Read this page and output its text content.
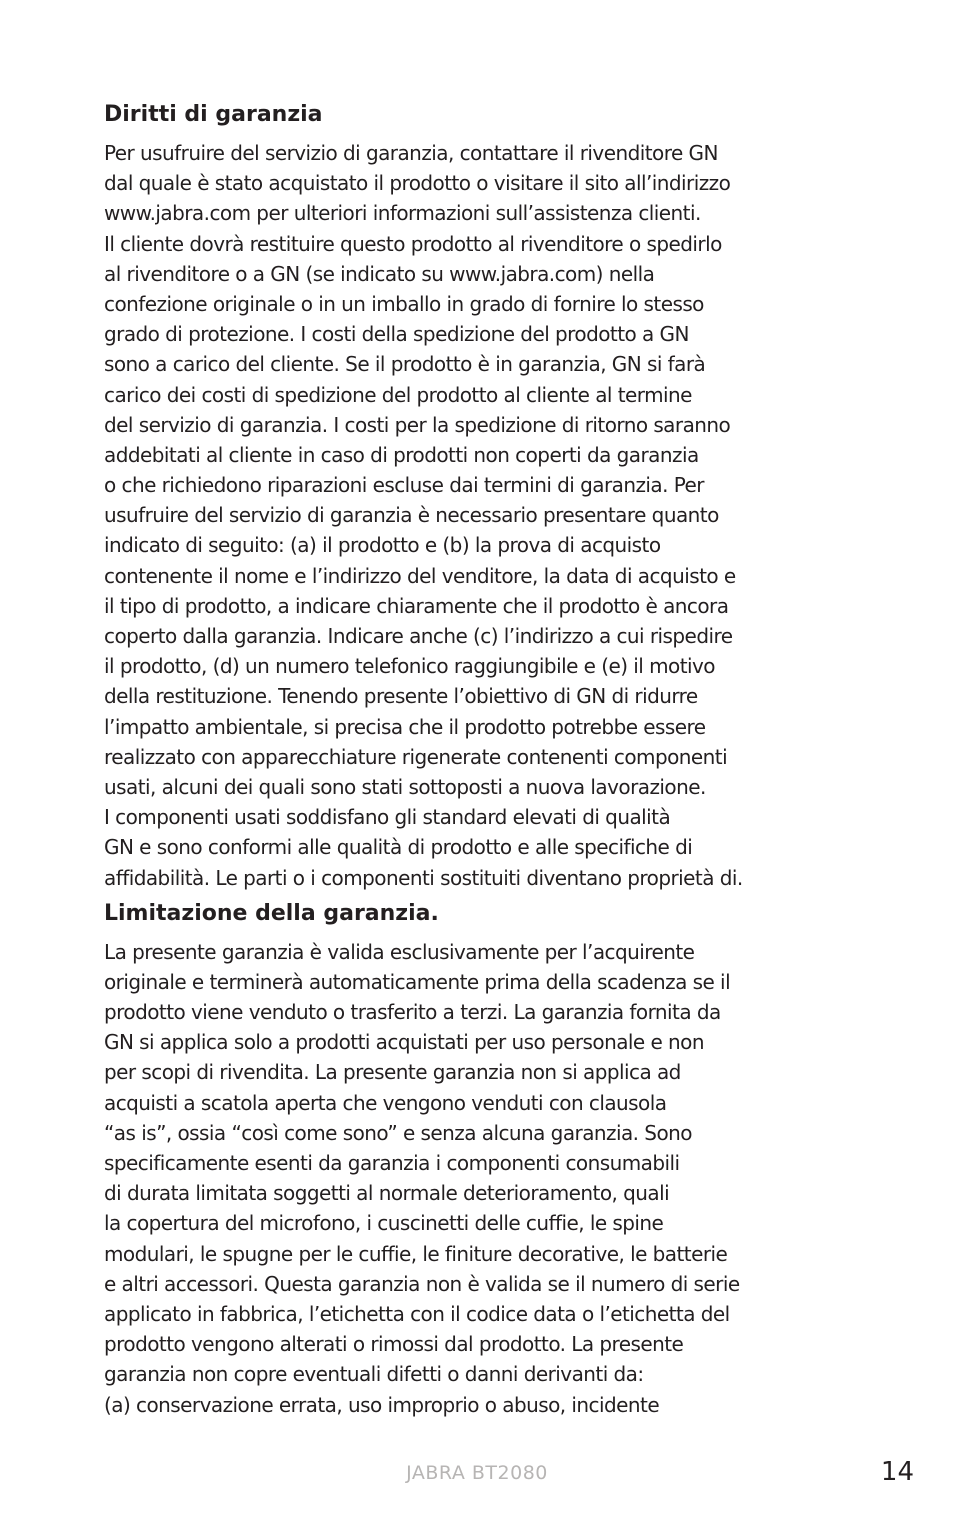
Diritti di garanzia
Per usufruire del servizio di garanzia, contattare il rivenditore GN
dal quale è stato acquistato il prodotto o visitare il sito all’indirizzo
www.jabra.com per ulteriori informazioni sull’assistenza clienti.
Il cliente dovrà restituire questo prodotto al rivenditore o spedirlo
al rivenditore o a GN (se indicato su www.jabra.com) nella
confezione originale o in un imballo in grado di fornire lo stesso
grado di protezione. I costi della spedizione del prodotto a GN
sono a carico del cliente. Se il prodotto è in garanzia, GN si farà
carico dei costi di spedizione del prodotto al cliente al termine
del servizio di garanzia. I costi per la spedizione di ritorno saranno
addebitati al cliente in caso di prodotti non coperti da garanzia
o che richiedono riparazioni escluse dai termini di garanzia. Per
usufruire del servizio di garanzia è necessario presentare quanto
indicato di seguito: (a) il prodotto e (b) la prova di acquisto
contenente il nome e l’indirizzo del venditore, la data di acquisto e
il tipo di prodotto, a indicare chiaramente che il prodotto è ancora
coperto dalla garanzia. Indicare anche (c) l’indirizzo a cui rispedire
il prodotto, (d) un numero telefonico raggiungibile e (e) il motivo
della restituzione. Tenendo presente l’obiettivo di GN di ridurre
l’impatto ambientale, si precisa che il prodotto potrebbe essere
realizzato con apparecchiature rigenerate contenenti componenti
usati, alcuni dei quali sono stati sottoposti a nuova lavorazione.
I componenti usati soddisfano gli standard elevati di qualità
GN e sono conformi alle qualità di prodotto e alle specifiche di
affidabilità. Le parti o i componenti sostituiti diventano proprietà di.
Limitazione della garanzia.
La presente garanzia è valida esclusivamente per l’acquirente
originale e terminerà automaticamente prima della scadenza se il
prodotto viene venduto o trasferito a terzi. La garanzia fornita da
GN si applica solo a prodotti acquistati per uso personale e non
per scopi di rivendita. La presente garanzia non si applica ad
acquisti a scatola aperta che vengono venduti con clausola
“as is”, ossia “così come sono” e senza alcuna garanzia. Sono
specificamente esenti da garanzia i componenti consumabili
di durata limitata soggetti al normale deterioramento, quali
la copertura del microfono, i cuscinetti delle cuffie, le spine
modulari, le spugne per le cuffie, le finiture decorative, le batterie
e altri accessori. Questa garanzia non è valida se il numero di serie
applicato in fabbrica, l’etichetta con il codice data o l’etichetta del
prodotto vengono alterati o rimossi dal prodotto. La presente
garanzia non copre eventuali difetti o danni derivanti da:
(a) conservazione errata, uso improprio o abuso, incidente
JABRA BT2080	14
